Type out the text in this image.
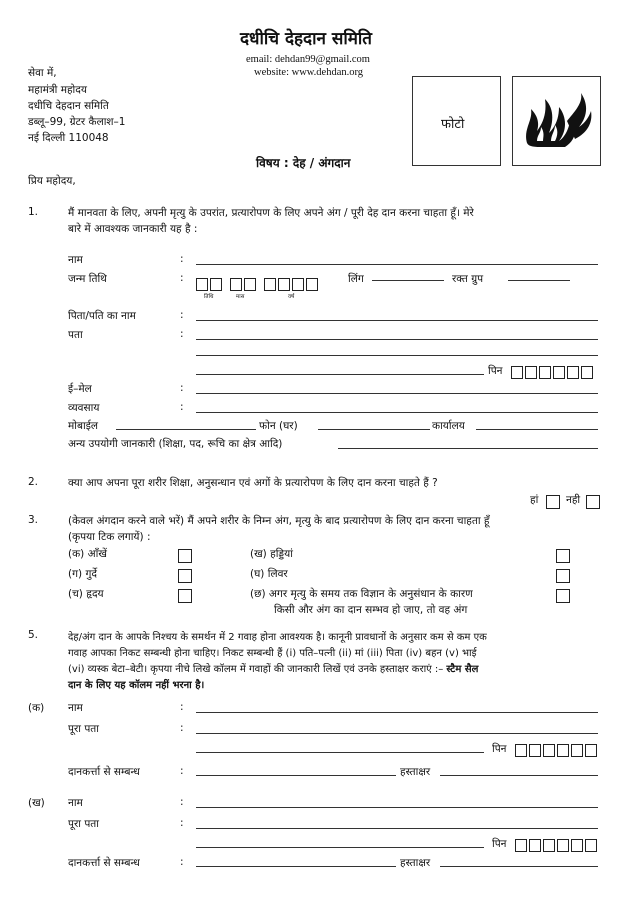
दधीचि देहदान समिति
email: dehdan99@gmail.com
website: www.dehdan.org
सेवा में,
महामंत्री महोदय
दधीचि देहदान समिति
डब्लू–99, ग्रेटर कैलाश–1
नई दिल्ली 110048
फोटो
विषय : देह / अंगदान
प्रिय महोदय,
1.	मैं मानवता के लिए, अपनी मृत्यु के उपरांत, प्रत्यारोपण के लिए अपने अंग / पूरी देह दान करना चाहता हूँ। मेरे
बारे में आवश्यक जानकारी यह है :
नाम	:
जन्म तिथि	:
तिथि	मास	वर्ष
लिंग	रक्त ग्रुप
पिता/पति का नाम	:
पता	:
पिन
ई–मेल	:
व्यवसाय	:
मोबाईल	फोन (घर)	कार्यालय
अन्य उपयोगी जानकारी (शिक्षा, पद, रूचि का क्षेत्र आदि)
2.	क्या आप अपना पूरा शरीर शिक्षा, अनुसन्धान एवं अगों के प्रत्यारोपण के लिए दान करना चाहते हैं ?
हां	नही
3.	(केवल अंगदान करने वाले भरें) मैं अपने शरीर के निम्न अंग, मृत्यु के बाद प्रत्यारोपण के लिए दान करना चाहता हूँ
(कृपया टिक लगायें) :
(क) आँखें	(ख) हड्डियां
(ग) गुर्दे	(घ) लिवर
(च) हृदय	(छ) अगर मृत्यु के समय तक विज्ञान के अनुसंधान के कारण
किसी और अंग का दान सम्भव हो जाए, तो वह अंग
5.	देह/अंग दान के आपके निश्चय के समर्थन में 2 गवाह होना आवश्यक है। कानूनी प्रावधानों के अनुसार कम से कम एक
गवाह आपका निकट सम्बन्धी होना चाहिए। निकट सम्बन्धी हैं (i) पति–पत्नी (ii) मां (iii) पिता (iv) बहन (v) भाई
(vi) व्यस्क बेटा–बेटी। कृपया नीचे लिखे कॉलम में गवाहों की जानकारी लिखें एवं उनके हस्ताक्षर कराएं :– स्टैम सैल
दान के लिए यह कॉलम नहीं भरना है।
(क) नाम	:
पूरा पता	:
पिन
दानकर्त्ता से सम्बन्ध	:	हस्ताक्षर
(ख) नाम	:
पूरा पता	:
पिन
दानकर्त्ता से सम्बन्ध	:	हस्ताक्षर
